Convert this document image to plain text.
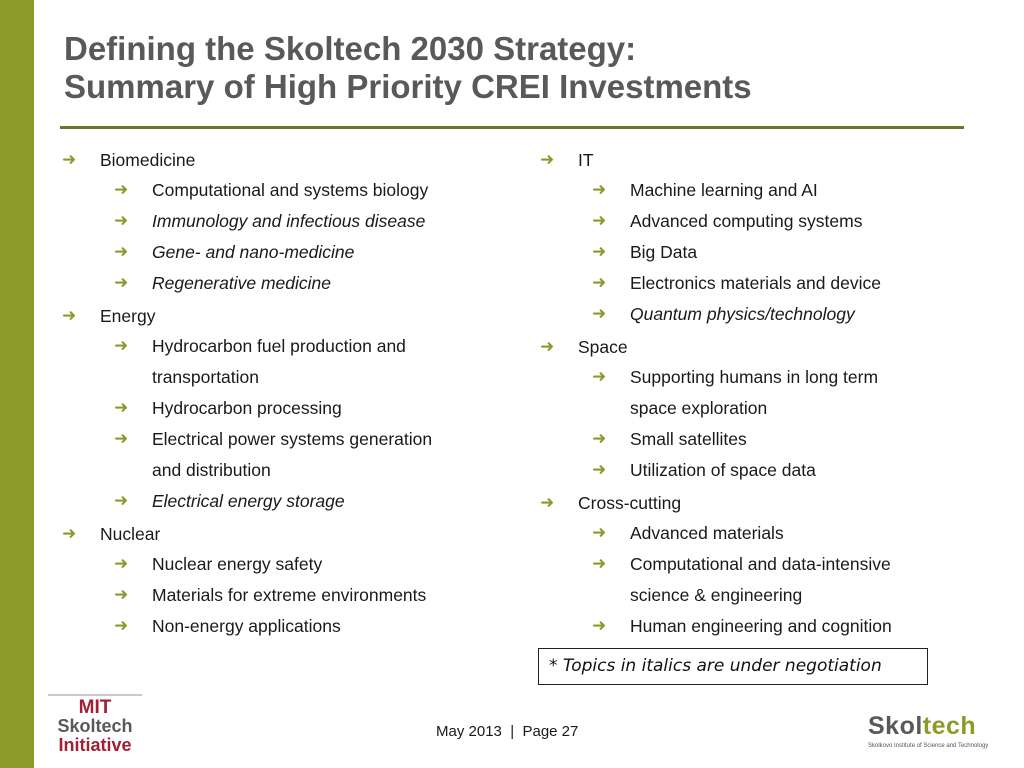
Defining the Skoltech 2030 Strategy:
Summary of High Priority CREI Investments
➜ Biomedicine
➜ Computational and systems biology
➜ Immunology and infectious disease
➜ Gene- and nano-medicine
➜ Regenerative medicine
➜ Energy
➜ Hydrocarbon fuel production and
transportation
➜ Hydrocarbon processing
➜ Electrical power systems generation
and distribution
➜ Electrical energy storage
➜ Nuclear
➜ Nuclear energy safety
➜ Materials for extreme environments
➜ Non-energy applications
➜ IT
➜ Machine learning and AI
➜ Advanced computing systems
➜ Big Data
➜ Electronics materials and device
➜ Quantum physics/technology
➜ Space
➜ Supporting humans in long term
space exploration
➜ Small satellites
➜ Utilization of space data
➜ Cross-cutting
➜ Advanced materials
➜ Computational and data-intensive
science & engineering
➜ Human engineering and cognition
* Topics in italics are under negotiation
MIT
Skoltech
Initiative
May 2013 | Page 27	Skoltech
Skolkovo Institute of Science and Technology
